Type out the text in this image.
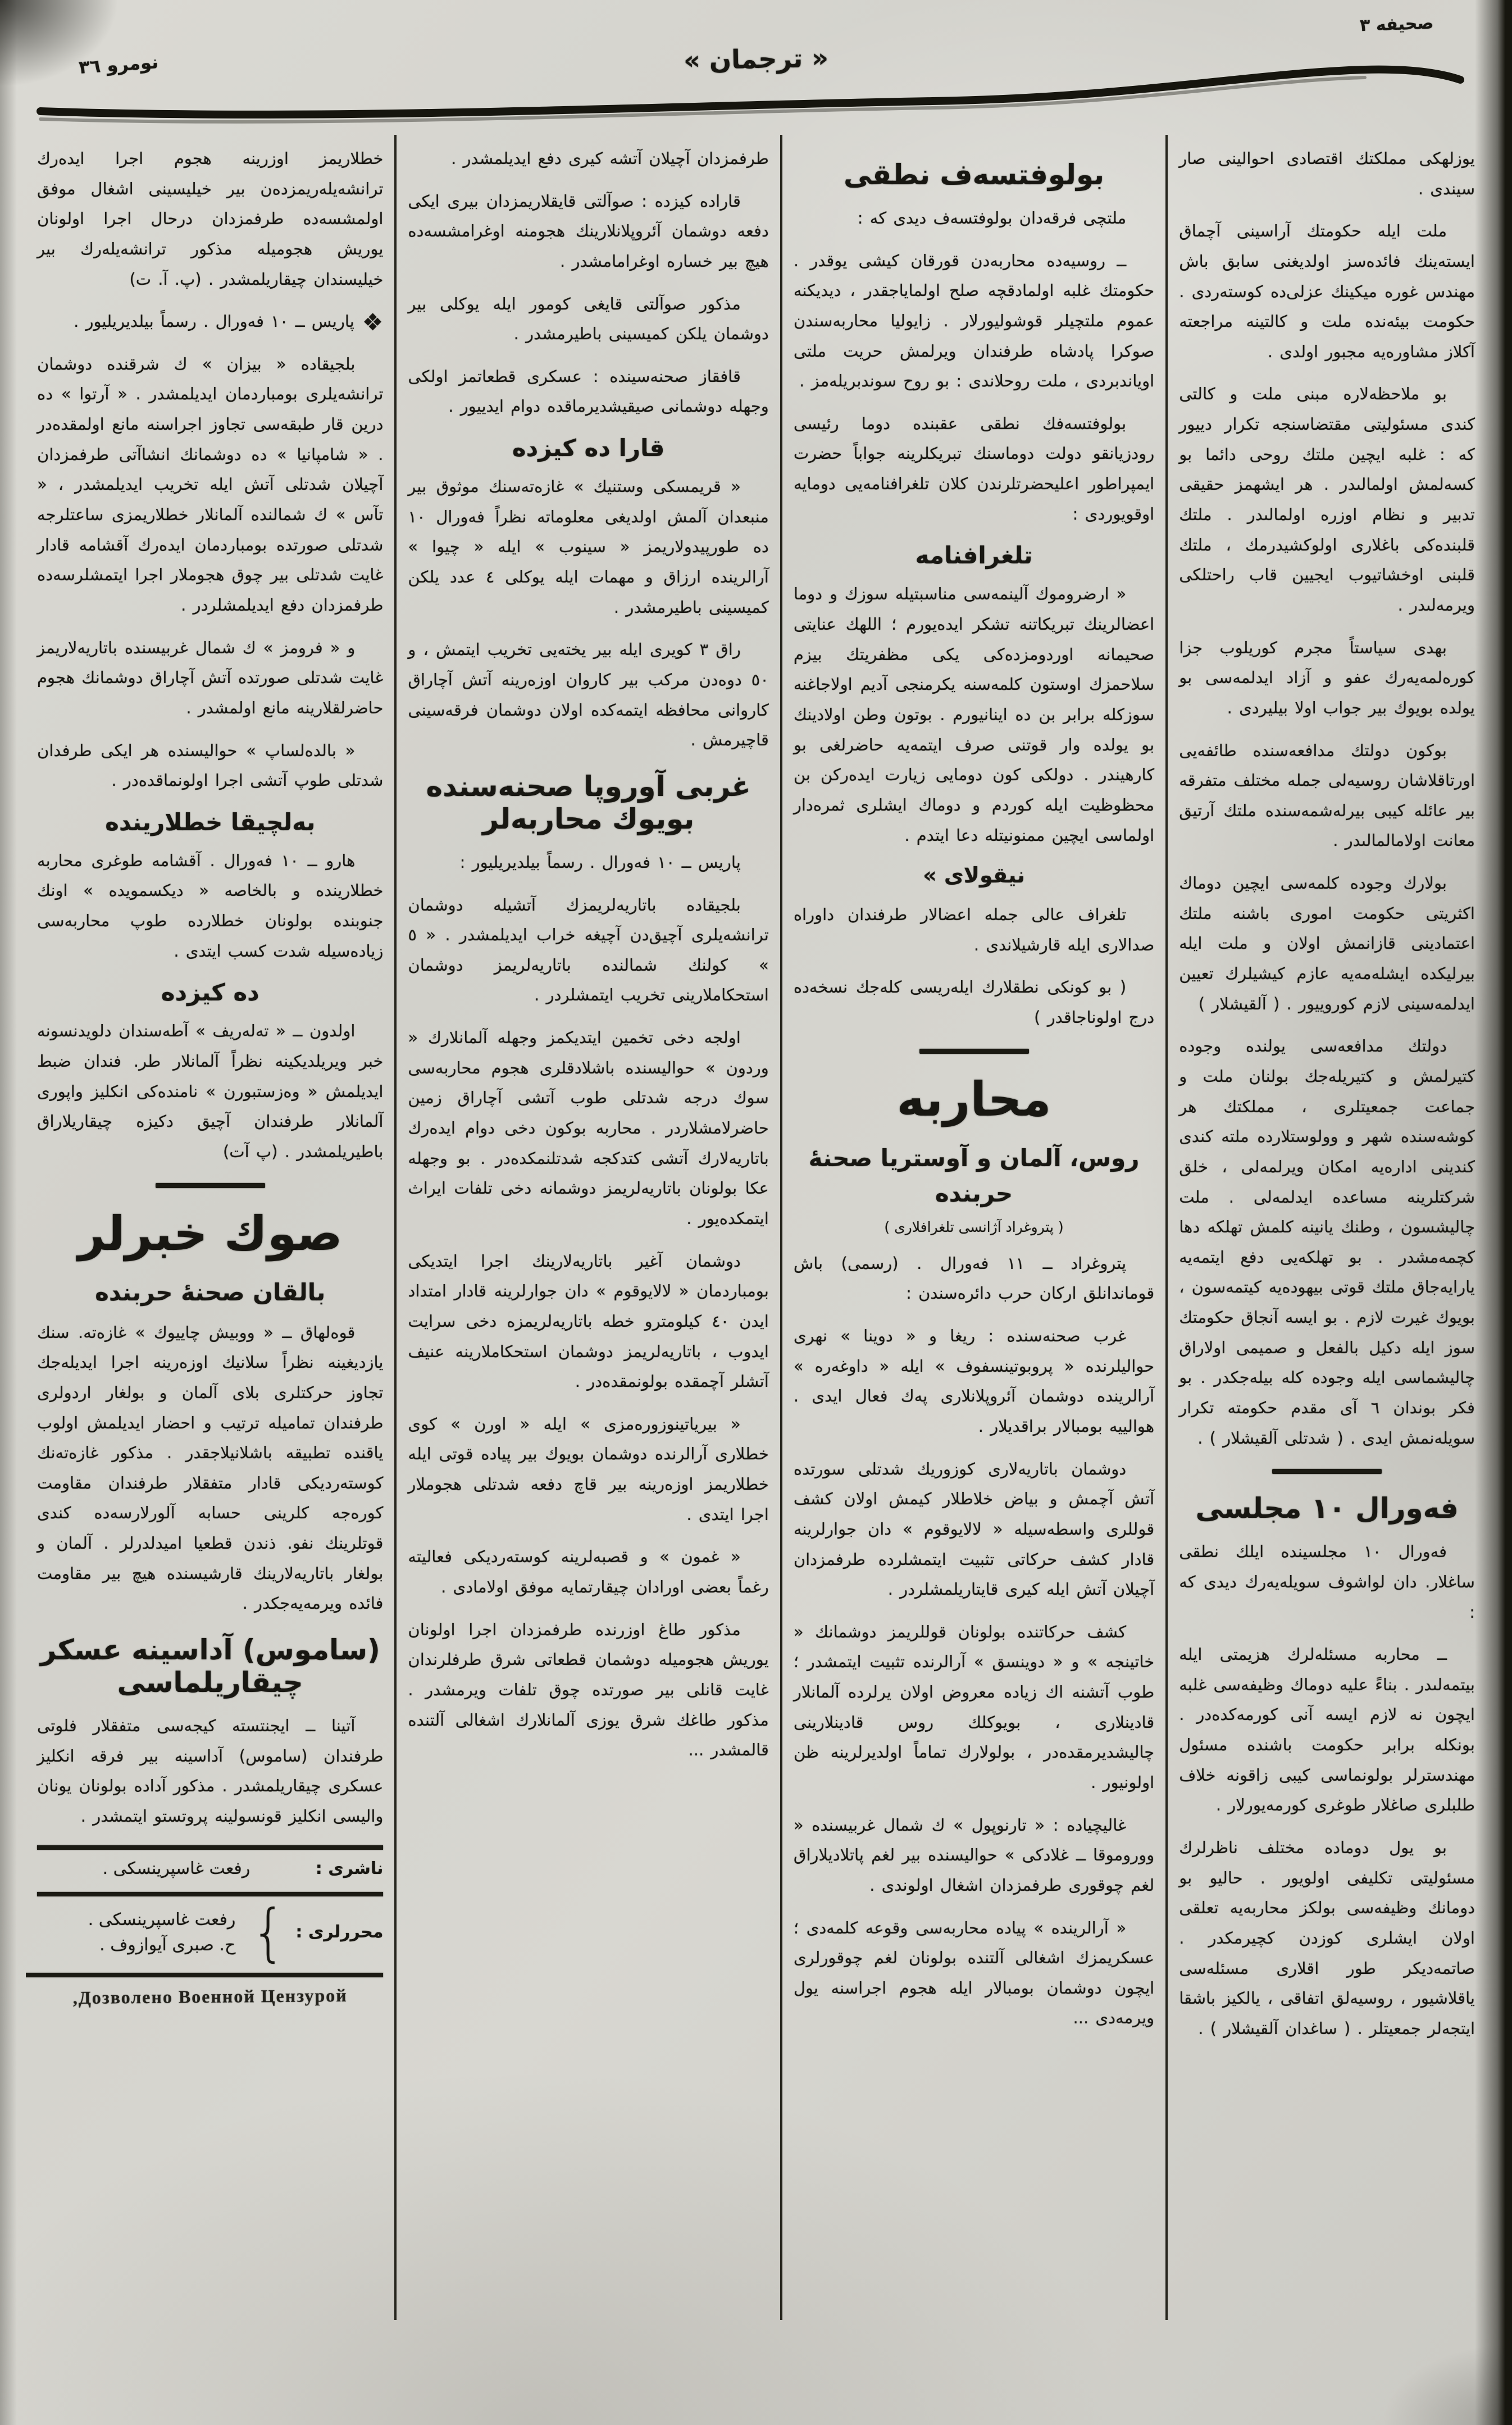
صحيفه ٣
« ترجمان »
نومرو ٣٦

يوزلهكى مملكتك اقتصادى احوالينى صار سيندى .

ملت ايله حكومتك آراسينى آچماق ايسته‌ينك فائده‌سز اولديغنى سابق باش مهندس غوره ميكينك عزلى‌ده كوسته‌ردى . حكومت بيئه‌نده ملت و كالتينه مراجعته آكلاز مشاوره‌يه مجبور اولدى .

بو ملاحظه‌لاره مبنى ملت و كالتى كندى مسئوليتى مقتضاسنجه تكرار دييور كه : غلبه ايچين ملتك روحى دائما بو كسه‌لمش اولمالىدر . هر ايشهمز حقيقى تدبير و نظام اوزره اولمالىدر . ملتك قلبنده‌كى باغلارى اولوكشيدرمك ، ملتك قلبنى اوخشاتيوب ايجيين قاب راحتلكى ويرمه‌لىدر .

بهدى سياستاً مجرم كوريلوب جزا كوره‌لمەيەرك عفو و آزاد ايدلمه‌سى بو يولده بويوك بير جواب اولا بيليردى .

بوكون دولتك مدافعه‌سنده طائفه‌يى اورتاقلاشان روسيه‌لى جمله مختلف متفرقه بير عائله كيبى بيرله‌شمه‌سنده ملتك آرتيق معانت اولامالمالىدر .

بولارك وجوده كلمه‌سى ايچين دوماك اكثريتى حكومت امورى باشنه ملتك اعتمادينى قازانمش اولان و ملت ايله بيرليكده ايشله‌مەيه عازم كيشيلرك تعيين ايدلمه‌سينى لازم كوروييور . ( آلقيشلار )

دولتك مدافعه‌سى يولنده وجوده كتيرلمش و كتيريله‌جك بولنان ملت و جماعت جمعيتلرى ، مملكتك هر كوشه‌سنده شهر و وولوستلارده ملته كندى كندينى اداره‌يه امكان ويرلمه‌لى ، خلق شركتلرينه مساعده ايدلمه‌لى . ملت چاليشسون ، وطنك يانينه كلمش تهلكه دها كچمه‌مشدر . بو تهلكه‌يى دفع ايتمه‌يه يارايه‌جاق ملتك قوتى بيهوده‌يه كيتمه‌سون ، بويوك غيرت لازم . بو ايسه آنجاق حكومتك سوز ايله دكيل بالفعل و صميمى اولاراق چاليشماسى ايله وجوده كله بيله‌جكدر . بو فكر بوندان ٦ آى مقدم حكومته تكرار سويله‌نمش ايدى . ( شدتلى آلقيشلار ) .

فەورال ١٠ مجلسى

فەورال ١٠ مجلسينده ايلك نطقى ساغلار. دان لواشوف سويله‌يه‌رك ديدى كه :

ــ محاربه مسئله‌لرك هزيمتى ايله بيتمه‌لىدر . بناءً عليه دوماك وظيفه‌سى غلبه ايچون نه لازم ايسه آنى كورمه‌كده‌در . بونكله برابر حكومت باشنده مسئول مهندسترلر بولونماسى كيبى زاقونه خلاف طلبلرى صاغلار طوغرى كورمه‌يورلار .

بو يول دوماده مختلف ناظرلرك مسئوليتى تكليفى اولويور . حاليو بو دومانك وظيفه‌سى بولكز محاربه‌يه تعلقى اولان ايشلرى كوزدن كچيرمكدر . صاتمه‌ديكر طور اقلارى مسئله‌سى ياقلاشيور ، روسيه‌لق اتفاقى ، يالكيز باشقا ايتجه‌لر جمعيتلر . ( ساغدان آلقيشلار ) .

بولوفتسه‌ف نطقى

ملتچى فرقه‌دان بولوفتسه‌ف ديدى كه :

ــ روسيه‌ده محاربه‌دن قورقان كيشى يوقدر . حكومتك غلبه اولمادقچه صلح اولماياجقدر ، ديديكنه عموم ملتچيلر قوشوليورلار . زايوليا محاربه‌سندن صوكرا پادشاه طرفندان ويرلمش حريت ملتى اوياندبردى ، ملت روحلاندى : بو روح سوندبريله‌مز .

بولوفتسه‌فك نطقى عقبنده دوما رئيسى رودزيانقو دولت دوماسنك تبريكلرينه جواباً حضرت ايمپراطور اعليحضرتلرندن كلان تلغرافنامه‌يى دومايه اوقويوردى :

تلغرافنامه

« ارضروموك آلينمه‌سى مناسبتيله سوزك و دوما اعضالرينك تبريكاتنه تشكر ايده‌يورم ؛ اللهك عنايتى صحيمانه اوردومزده‌كى يكى مظفريتك بيزم سلاحمزك اوستون كلمه‌سنه يكرمنجى آديم اولاجاغنه سوزكله برابر بن ده اينانيورم . بوتون وطن اولادينك بو يولده وار قوتنى صرف ايتمه‌يه حاضرلغى بو كارهيندر . دولكى كون دومايى زيارت ايده‌ركن بن محظوظيت ايله كوردم و دوماك ايشلرى ثمره‌دار اولماسى ايچين ممنونيتله دعا ايتدم .

نيقولاى »

تلغراف عالى جمله اعضالار طرفندان داوراه صدالارى ايله قارشيلاندى .

( بو كونكى نطقلارك ايله‌ريسى كله‌جك نسخه‌ده درج اولوناجاقدر )

محاربه
روس، آلمان و آوستريا صحنهٔ حربنده
( پتروغراد آژانسى تلغرافلارى )

پتروغراد ــ ١١ فەورال . (رسمى) باش قوماندانلق اركان حرب دائره‌سندن :

غرب صحنه‌سنده : ريغا و « دوينا » نهرى حواليلرنده « پروبوتينسفوف » ايله « داوغەره » آرالرينده دوشمان آئروپلانلارى پەك فعال ايدى . هوالييه بومبالار براقديلار .

دوشمان باتاريه‌لارى كوزوريك شدتلى سورتده آتش آچمش و بياض خلاطلار كيمش اولان كشف قوللرى واسطه‌سيله « لالايوقوم » دان جوارلرينه قادار كشف حركاتى تثبيت ايتمشلرده طرفمزدان آچيلان آتش ايله كيرى قايتاريلمشلردر .

كشف حركاتنده بولونان قوللريمز دوشمانك « خاتينجه » و « دوينسق » آرالرنده تثبيت ايتمشدر ؛ طوب آتشنه اك زياده معروض اولان يرلرده آلمانلار قادينلارى ، بويوكلك روس قادينلارينى چاليشديرمقده‌در ، بولولارك تماماً اولديرلرينه ظن اولونيور .

غاليچياده : « تارنوپول » ك شمال غربيسنده « ووروموقا ــ غلادكى » حواليسنده بير لغم پاتلاديلاراق لغم چوقورى طرفمزدان اشغال اولوندى .

« آرالرينده » پياده محاربه‌سى وقوعه كلمه‌دى ؛ عسكريمزك اشغالى آلتنده بولونان لغم چوقورلرى ايچون دوشمان بومبالار ايله هجوم اجراسنه يول ويرمه‌دى ...

طرفمزدان آچيلان آتشه كيرى دفع ايديلمشدر .

قاراده كيزده : صوآلتى قايقلاريمزدان بيرى ايكى دفعه دوشمان آئروپلانلارينك هجومنه اوغرامشسه‌ده هيچ بير خساره اوغرامامشدر .

مذكور صوآلتى قايغى كومور ايله يوكلى بير دوشمان يلكن كميسينى باطيرمشدر .

قافقاز صحنه‌سينده : عسكرى قطعاتمز اولكى وجهله دوشمانى صيقيشديرماقده دوام ايدييور .

قارا ده كيزده

« قريمسكى وستنيك » غازه‌ته‌سنك موثوق بير منبعدان آلمش اولديغى معلوماته نظراً فەورال ١٠ ده طورپيدولاريمز « سينوب » ايله « چيوا » آرالرينده ارزاق و مهمات ايله يوكلى ٤ عدد يلكن كميسينى باطيرمشدر .

راق ٣ كويرى ايله بير يخته‌يى تخريب ايتمش ، و ٥٠ دوه‌دن مركب بير كاروان اوزه‌رينه آتش آچاراق كاروانى محافظه ايتمه‌كده اولان دوشمان فرقه‌سينى قاچيرمش .

غربى آوروپا صحنه‌سنده بويوك محاربه‌لر

پاريس ــ ١٠ فەورال . رسماً بيلديريليور :

بلجيقاده باتاريه‌لريمزك آتشيله دوشمان ترانشه‌يلرى آچيق‌دن آچيغه خراب ايديلمشدر . « ٥ » كولنك شمالنده باتاريه‌لريمز دوشمان استحكاملارينى تخريب ايتمشلردر .

اولجه دخى تخمين ايتديكمز وجهله آلمانلارك « وردون » حواليسنده باشلادقلرى هجوم محاربه‌سى سوك درجه شدتلى طوب آتشى آچاراق زمين حاضرلامشلاردر . محاربه بوكون دخى دوام ايده‌رك باتاريه‌لارك آتشى كتدكجه شدتلنمكده‌در . بو وجهله عكا بولونان باتاريه‌لريمز دوشمانه دخى تلفات ايراث ايتمكده‌يور .

دوشمان آغير باتاريه‌لارينك اجرا ايتديكى بومباردمان « لالايوقوم » دان جوارلرينه قادار امتداد ايدن ٤٠ كيلومترو خطه باتاريه‌لريمزه دخى سرايت ايدوب ، باتاريه‌لريمز دوشمان استحكاملارينه عنيف آتشلر آچمقده بولونمقده‌در .

« بيرياتينوزوره‌مزى » ايله « اورن » كوى خطلارى آرالرنده دوشمان بويوك بير پياده قوتى ايله خطلاريمز اوزه‌رينه بير قاچ دفعه شدتلى هجوملار اجرا ايتدى .

« غمون » و قصبه‌لرينه كوسته‌رديكى فعاليته رغماً بعضى اورادان چيقارتمايه موفق اولامادى .

مذكور طاغ اوزرنده طرفمزدان اجرا اولونان يوريش هجوميله دوشمان قطعاتى شرق طرفلرندان غايت قانلى بير صورتده چوق تلفات ويرمشدر . مذكور طاغك شرق يوزى آلمانلارك اشغالى آلتنده قالمشدر ...

خطلاريمز اوزرينه هجوم اجرا ايده‌رك ترانشه‌يلەريمزدەن بير خيليسينى اشغال موفق اولمشسه‌ده طرفمزدان درحال اجرا اولونان يوريش هجوميله مذكور ترانشه‌يلەرك بير خيليسندان چيقاريلمشدر . (پ. آ. ت)

❖پاريس ــ ١٠ فەورال . رسماً بيلديريليور .

بلجيقاده « بيزان » ك شرقنده دوشمان ترانشه‌يلرى بومباردمان ايديلمشدر . « آرتوا » ده درين قار طبقه‌سى تجاوز اجراسنه مانع اولمقده‌در . « شامپانيا » ده دوشمانك انشاآتى طرفمزدان آچيلان شدتلى آتش ايله تخريب ايديلمشدر ، « تآس » ك شمالنده آلمانلار خطلاريمزى ساعتلرجه شدتلى صورتده بومباردمان ايده‌رك آقشامه قادار غايت شدتلى بير چوق هجوملار اجرا ايتمشلرسه‌ده طرفمزدان دفع ايديلمشلردر .

و « فرومز » ك شمال غربيسنده باتاريه‌لاريمز غايت شدتلى صورتده آتش آچاراق دوشمانك هجوم حاضرلقلارينه مانع اولمشدر .

« بالده‌لساپ » حواليسنده هر ايكى طرفدان شدتلى طوپ آتشى اجرا اولونماقده‌در .

بەلچيقا خطلارينده

هارو ــ ١٠ فەورال . آقشامه طوغرى محاربه خطلارينده و بالخاصه « ديكسمويده » اونك جنوبنده بولونان خطلارده طوپ محاربه‌سى زياده‌سيله شدت كسب ايتدى .

ده كيزده

اولدون ــ « تەلەريف » آطه‌سندان دلويدنسونه خبر ويريلديكينه نظراً آلمانلار طر. فندان ضبط ايديلمش « وەزستبورن » نامنده‌كى انكليز واپورى آلمانلار طرفندان آچيق دكيزه چيقاريلاراق باطيريلمشدر . (پ آت)

صوك خبرلر
بالقان صحنهٔ حربنده

قوه‌لهاق ــ « ووبيش چاييوك » غازه‌ته. سنك يازديغينه نظراً سلانيك اوزه‌رينه اجرا ايديله‌جك تجاوز حركتلرى بلاى آلمان و بولغار اردولرى طرفندان تماميله ترتيب و احضار ايديلمش اولوب ياقنده تطبيقه باشلانيلاجقدر . مذكور غازه‌ته‌نك كوسته‌رديكى قادار متفقلار طرفندان مقاومت كوره‌جه كلرينى حسابه آلورلارسه‌ده كندى قوتلرينك نفو. ذندن قطعيا اميدلدرلر . آلمان و بولغار باتاريه‌لارينك قارشيسنده هيچ بير مقاومت فائده ويرمه‌يه‌جكدر .

(ساموس) آداسينه عسكر چيقاريلماسى

آتينا ــ ايجنتسته كيجه‌سى متفقلار فلوتى طرفندان (ساموس) آداسينه بير فرقه انكليز عسكرى چيقاريلمشدر . مذكور آداده بولونان يونان واليسى انكليز قونسولينه پروتستو ايتمشدر .

ناشرى :
رفعت غاسپرينسكى .
محررلرى :
{
رفعت غاسپرينسكى .
ح. صبرى آيوازوف .
Дозволено Военной Цензурой,
